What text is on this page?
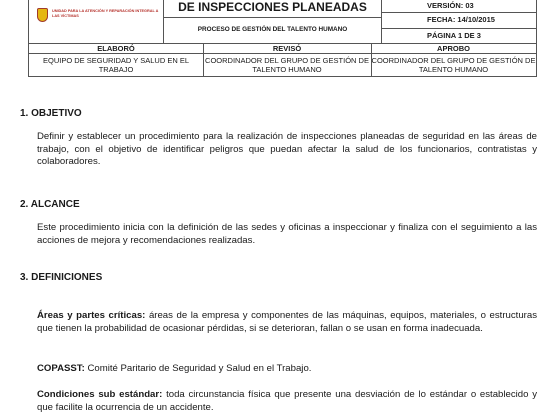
UNIDAD PARA LA ATENCIÓN Y REPARACIÓN INTEGRAL A LAS VÍCTIMAS
DE INSPECCIONES PLANEADAS
PROCESO DE GESTIÓN DEL TALENTO HUMANO
VERSIÓN: 03
FECHA: 14/10/2015
PÁGINA 1 DE 3
ELABORÓ	REVISÓ	APROBO
EQUIPO DE SEGURIDAD Y SALUD EN EL TRABAJO
COORDINADOR DEL GRUPO DE GESTIÓN DE TALENTO HUMANO
COORDINADOR DEL GRUPO DE GESTIÓN DE TALENTO HUMANO
1. OBJETIVO

Definir y establecer un procedimiento para la realización de inspecciones planeadas de seguridad en las áreas de trabajo, con el objetivo de identificar peligros que puedan afectar la salud de los funcionarios, contratistas y colaboradores.

2. ALCANCE

Este procedimiento inicia con la definición de las sedes y oficinas a inspeccionar y finaliza con el seguimiento a las acciones de mejora y recomendaciones realizadas.

3. DEFINICIONES

Áreas y partes críticas: áreas de la empresa y componentes de las máquinas, equipos, materiales, o estructuras que tienen la probabilidad de ocasionar pérdidas, si se deterioran, fallan o se usan en forma inadecuada.

COPASST: Comité Paritario de Seguridad y Salud en el Trabajo.

Condiciones sub estándar: toda circunstancia física que presente una desviación de lo estándar o establecido y que facilite la ocurrencia de un accidente.
